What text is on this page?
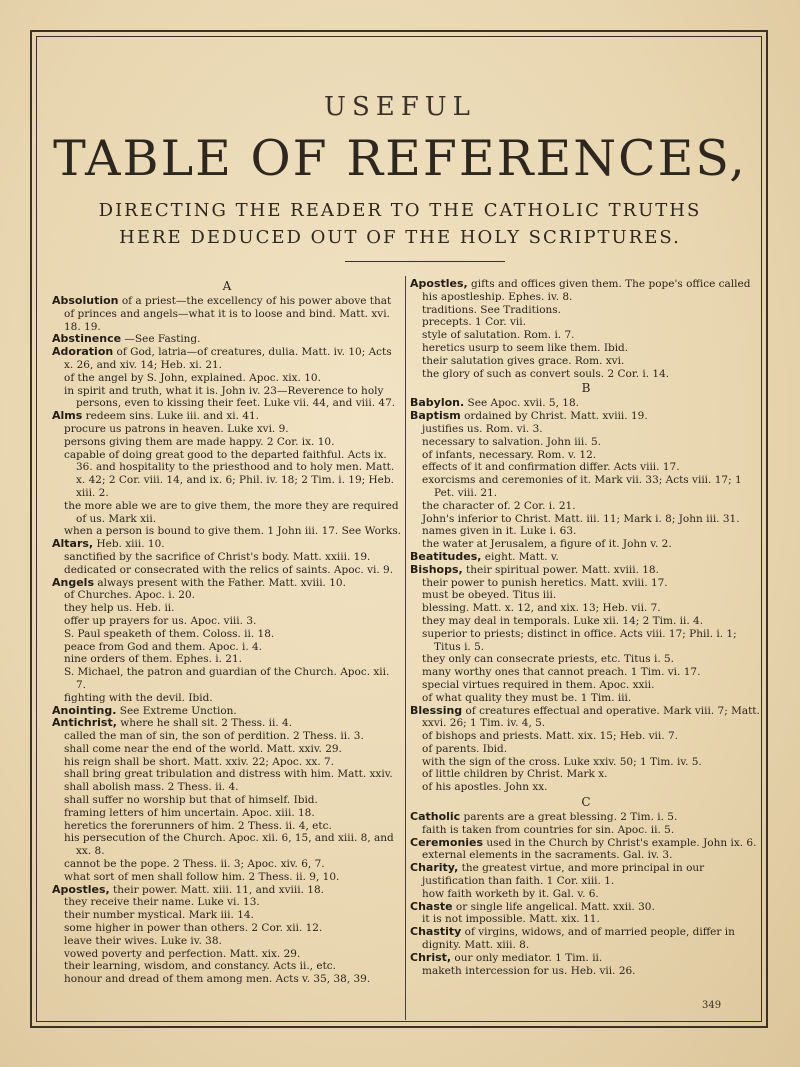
USEFUL
TABLE OF REFERENCES,
DIRECTING THE READER TO THE CATHOLIC TRUTHS
HERE DEDUCED OUT OF THE HOLY SCRIPTURES.
A
Absolution of a priest—the excellency of his power above that of princes and angels—what it is to loose and bind. Matt. xvi. 18. 19.
Abstinence —See Fasting.
Adoration of God, latria—of creatures, dulia. Matt. iv. 10; Acts x. 26, and xiv. 14; Heb. xi. 21.
of the angel by S. John, explained. Apoc. xix. 10.
in spirit and truth, what it is. John iv. 23—Reverence to holy persons, even to kissing their feet. Luke vii. 44, and viii. 47.
Alms redeem sins. Luke iii. and xi. 41.
procure us patrons in heaven. Luke xvi. 9.
persons giving them are made happy. 2 Cor. ix. 10.
capable of doing great good to the departed faithful. Acts ix. 36. and hospitality to the priesthood and to holy men. Matt. x. 42; 2 Cor. viii. 14, and ix. 6; Phil. iv. 18; 2 Tim. i. 19; Heb. xiii. 2.
the more able we are to give them, the more they are required of us. Mark xii.
when a person is bound to give them. 1 John iii. 17. See Works.
Altars, Heb. xiii. 10.
sanctified by the sacrifice of Christ's body. Matt. xxiii. 19.
dedicated or consecrated with the relics of saints. Apoc. vi. 9.
Angels always present with the Father. Matt. xviii. 10.
of Churches. Apoc. i. 20.
they help us. Heb. ii.
offer up prayers for us. Apoc. viii. 3.
S. Paul speaketh of them. Coloss. ii. 18.
peace from God and them. Apoc. i. 4.
nine orders of them. Ephes. i. 21.
S. Michael, the patron and guardian of the Church. Apoc. xii. 7.
fighting with the devil. Ibid.
Anointing. See Extreme Unction.
Antichrist, where he shall sit. 2 Thess. ii. 4.
called the man of sin, the son of perdition. 2 Thess. ii. 3.
shall come near the end of the world. Matt. xxiv. 29.
his reign shall be short. Matt. xxiv. 22; Apoc. xx. 7.
shall bring great tribulation and distress with him. Matt. xxiv.
shall abolish mass. 2 Thess. ii. 4.
shall suffer no worship but that of himself. Ibid.
framing letters of him uncertain. Apoc. xiii. 18.
heretics the forerunners of him. 2 Thess. ii. 4, etc.
his persecution of the Church. Apoc. xii. 6, 15, and xiii. 8, and xx. 8.
cannot be the pope. 2 Thess. ii. 3; Apoc. xiv. 6, 7.
what sort of men shall follow him. 2 Thess. ii. 9, 10.
Apostles, their power. Matt. xiii. 11, and xviii. 18.
they receive their name. Luke vi. 13.
their number mystical. Mark iii. 14.
some higher in power than others. 2 Cor. xii. 12.
leave their wives. Luke iv. 38.
vowed poverty and perfection. Matt. xix. 29.
their learning, wisdom, and constancy. Acts ii., etc.
honour and dread of them among men. Acts v. 35, 38, 39.
Apostles, gifts and offices given them. The pope's office called his apostleship. Ephes. iv. 8.
traditions. See Traditions.
precepts. 1 Cor. vii.
style of salutation. Rom. i. 7.
heretics usurp to seem like them. Ibid.
their salutation gives grace. Rom. xvi.
the glory of such as convert souls. 2 Cor. i. 14.
B
Babylon. See Apoc. xvii. 5, 18.
Baptism ordained by Christ. Matt. xviii. 19.
justifies us. Rom. vi. 3.
necessary to salvation. John iii. 5.
of infants, necessary. Rom. v. 12.
effects of it and confirmation differ. Acts viii. 17.
exorcisms and ceremonies of it. Mark vii. 33; Acts viii. 17; 1 Pet. viii. 21.
the character of. 2 Cor. i. 21.
John's inferior to Christ. Matt. iii. 11; Mark i. 8; John iii. 31.
names given in it. Luke i. 63.
the water at Jerusalem, a figure of it. John v. 2.
Beatitudes, eight. Matt. v.
Bishops, their spiritual power. Matt. xviii. 18.
their power to punish heretics. Matt. xviii. 17.
must be obeyed. Titus iii.
blessing. Matt. x. 12, and xix. 13; Heb. vii. 7.
they may deal in temporals. Luke xii. 14; 2 Tim. ii. 4.
superior to priests; distinct in office. Acts viii. 17; Phil. i. 1; Titus i. 5.
they only can consecrate priests, etc. Titus i. 5.
many worthy ones that cannot preach. 1 Tim. vi. 17.
special virtues required in them. Apoc. xxii.
of what quality they must be. 1 Tim. iii.
Blessing of creatures effectual and operative. Mark viii. 7; Matt. xxvi. 26; 1 Tim. iv. 4, 5.
of bishops and priests. Matt. xix. 15; Heb. vii. 7.
of parents. Ibid.
with the sign of the cross. Luke xxiv. 50; 1 Tim. iv. 5.
of little children by Christ. Mark x.
of his apostles. John xx.
C
Catholic parents are a great blessing. 2 Tim. i. 5.
faith is taken from countries for sin. Apoc. ii. 5.
Ceremonies used in the Church by Christ's example. John ix. 6.
external elements in the sacraments. Gal. iv. 3.
Charity, the greatest virtue, and more principal in our justification than faith. 1 Cor. xiii. 1.
how faith worketh by it. Gal. v. 6.
Chaste or single life angelical. Matt. xxii. 30.
it is not impossible. Matt. xix. 11.
Chastity of virgins, widows, and of married people, differ in dignity. Matt. xiii. 8.
Christ, our only mediator. 1 Tim. ii.
maketh intercession for us. Heb. vii. 26.
349
